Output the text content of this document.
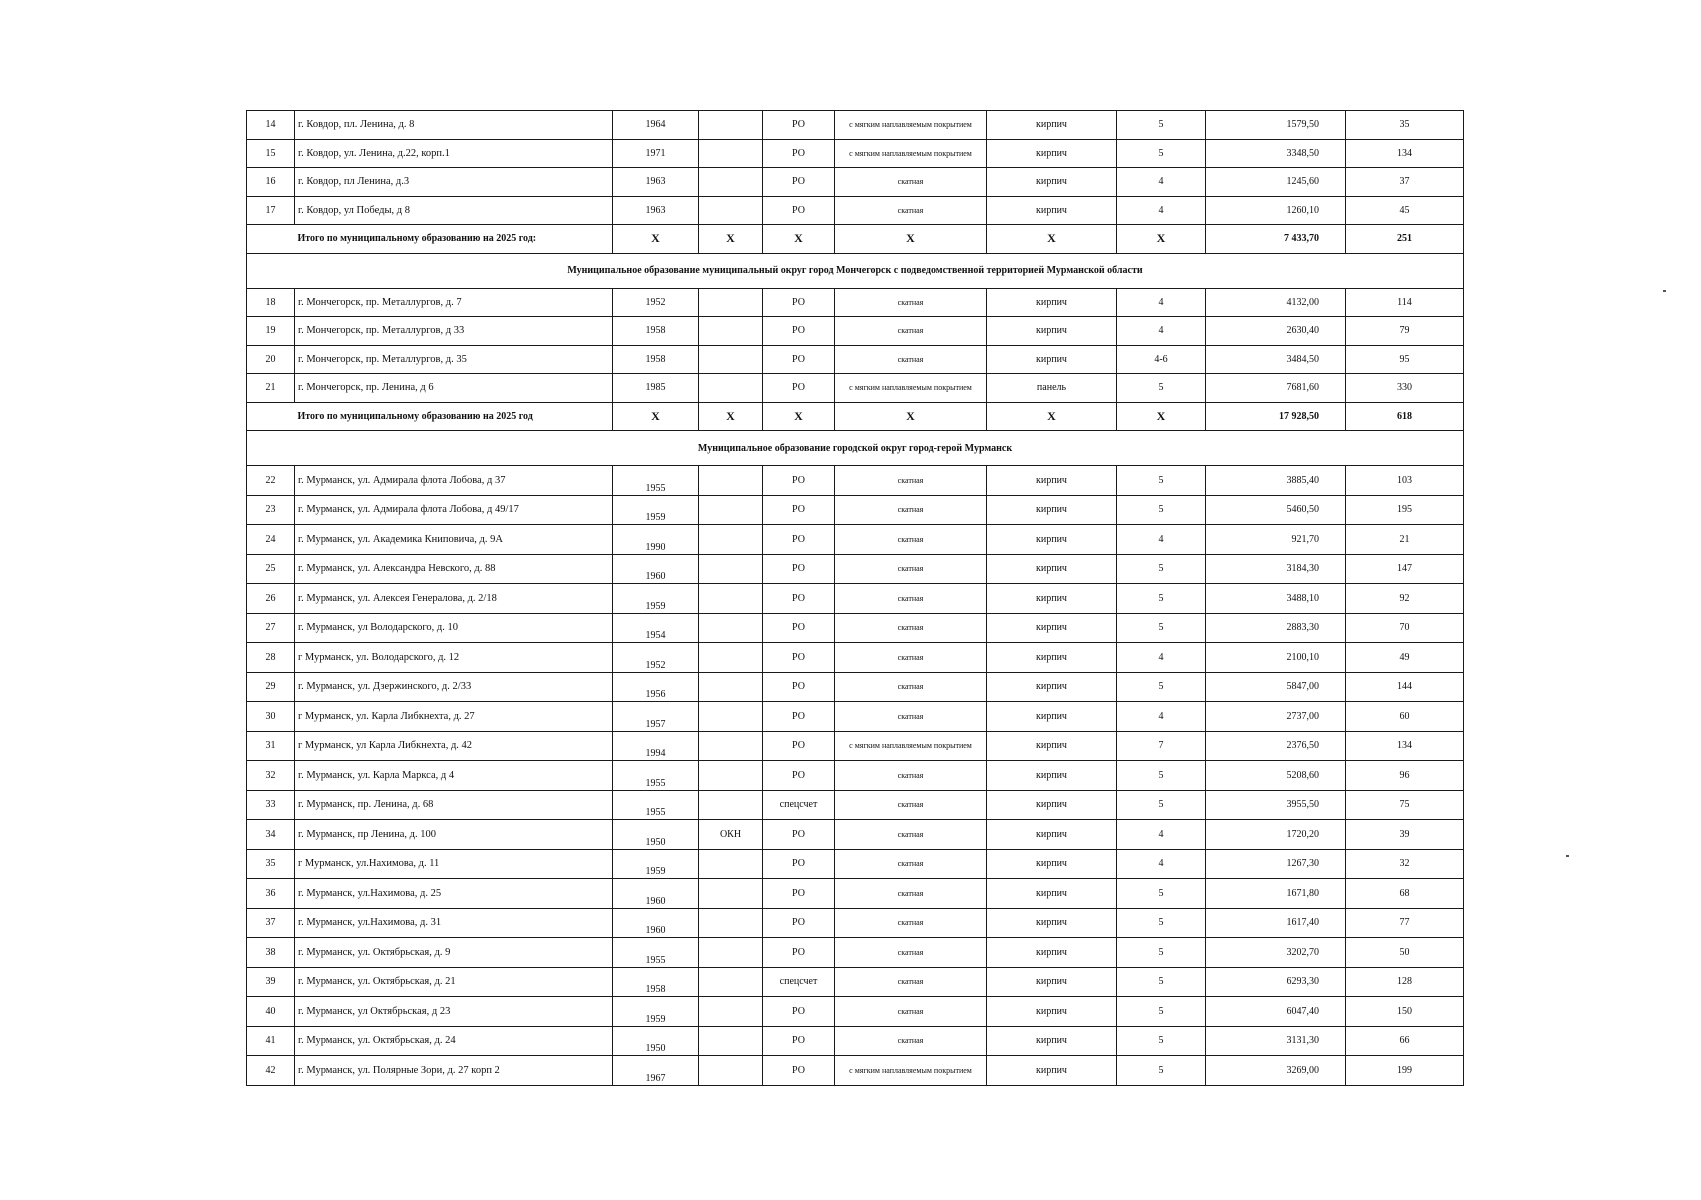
14	г. Ковдор, пл. Ленина, д. 8	1964		РО	с мягким наплавляемым покрытием	кирпич	5	1579,50	35
15	г. Ковдор, ул. Ленина, д.22, корп.1	1971		РО	с мягким наплавляемым покрытием	кирпич	5	3348,50	134
16	г. Ковдор, пл Ленина, д.3	1963		РО	скатная	кирпич	4	1245,60	37
17	г. Ковдор, ул Победы, д 8	1963		РО	скатная	кирпич	4	1260,10	45
	Итого по муниципальному образованию на 2025 год:	X	X	X	X	X	X	7 433,70	251
Муниципальное образование муниципальный округ город Мончегорск с подведомственной территорией Мурманской области									
18	г. Мончегорск, пр. Металлургов, д. 7	1952		РО	скатная	кирпич	4	4132,00	114
19	г. Мончегорск, пр. Металлургов, д 33	1958		РО	скатная	кирпич	4	2630,40	79
20	г. Мончегорск, пр. Металлургов, д. 35	1958		РО	скатная	кирпич	4-6	3484,50	95
21	г. Мончегорск, пр. Ленина, д 6	1985		РО	с мягким наплавляемым покрытием	панель	5	7681,60	330
	Итого по муниципальному образованию на 2025 год	X	X	X	X	X	X	17 928,50	618
Муниципальное образование городской округ город-герой Мурманск									
22	г. Мурманск, ул. Адмирала флота Лобова, д 37	1955		РО	скатная	кирпич	5	3885,40	103
23	г. Мурманск, ул. Адмирала флота Лобова, д 49/17	1959		РО	скатная	кирпич	5	5460,50	195
24	г. Мурманск, ул. Академика Книповича, д. 9А	1990		РО	скатная	кирпич	4	921,70	21
25	г. Мурманск, ул. Александра Невского, д. 88	1960		РО	скатная	кирпич	5	3184,30	147
26	г. Мурманск, ул. Алексея Генералова, д. 2/18	1959		РО	скатная	кирпич	5	3488,10	92
27	г. Мурманск, ул Володарского, д. 10	1954		РО	скатная	кирпич	5	2883,30	70
28	г Мурманск, ул. Володарского, д. 12	1952		РО	скатная	кирпич	4	2100,10	49
29	г. Мурманск, ул. Дзержинского, д. 2/33	1956		РО	скатная	кирпич	5	5847,00	144
30	г Мурманск, ул. Карла Либкнехта, д. 27	1957		РО	скатная	кирпич	4	2737,00	60
31	г Мурманск, ул Карла Либкнехта, д. 42	1994		РО	с мягким наплавляемым покрытием	кирпич	7	2376,50	134
32	г. Мурманск, ул. Карла Маркса, д 4	1955		РО	скатная	кирпич	5	5208,60	96
33	г. Мурманск, пр. Ленина, д. 68	1955		спецсчет	скатная	кирпич	5	3955,50	75
34	г. Мурманск, пр Ленина, д. 100	1950	ОКН	РО	скатная	кирпич	4	1720,20	39
35	г Мурманск, ул.Нахимова, д. 11	1959		РО	скатная	кирпич	4	1267,30	32
36	г. Мурманск, ул.Нахимова, д. 25	1960		РО	скатная	кирпич	5	1671,80	68
37	г. Мурманск, ул.Нахимова, д. 31	1960		РО	скатная	кирпич	5	1617,40	77
38	г. Мурманск, ул. Октябрьская, д. 9	1955		РО	скатная	кирпич	5	3202,70	50
39	г. Мурманск, ул. Октябрьская, д. 21	1958		спецсчет	скатная	кирпич	5	6293,30	128
40	г. Мурманск, ул Октябрьская, д 23	1959		РО	скатная	кирпич	5	6047,40	150
41	г. Мурманск, ул. Октябрьская, д. 24	1950		РО	скатная	кирпич	5	3131,30	66
42	г. Мурманск, ул. Полярные Зори, д. 27 корп 2	1967		РО	с мягким наплавляемым покрытием	кирпич	5	3269,00	199
